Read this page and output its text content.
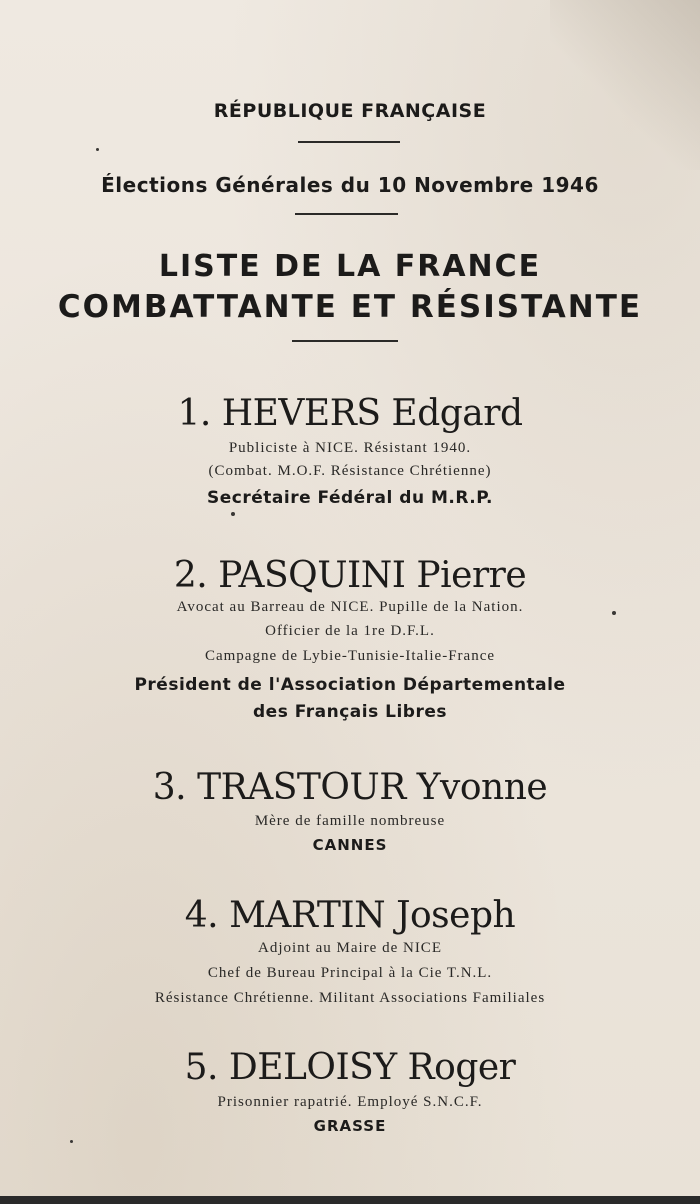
RÉPUBLIQUE FRANÇAISE
Élections Générales du 10 Novembre 1946
LISTE DE LA FRANCE
COMBATTANTE ET RÉSISTANTE
1. HEVERS Edgard
Publiciste à NICE. Résistant 1940.
(Combat. M.O.F. Résistance Chrétienne)
Secrétaire Fédéral du M.R.P.
2. PASQUINI Pierre
Avocat au Barreau de NICE. Pupille de la Nation.
Officier de la 1re D.F.L.
Campagne de Lybie-Tunisie-Italie-France
Président de l'Association Départementale
des Français Libres
3. TRASTOUR Yvonne
Mère de famille nombreuse
CANNES
4. MARTIN Joseph
Adjoint au Maire de NICE
Chef de Bureau Principal à la Cie T.N.L.
Résistance Chrétienne. Militant Associations Familiales
5. DELOISY Roger
Prisonnier rapatrié. Employé S.N.C.F.
GRASSE
